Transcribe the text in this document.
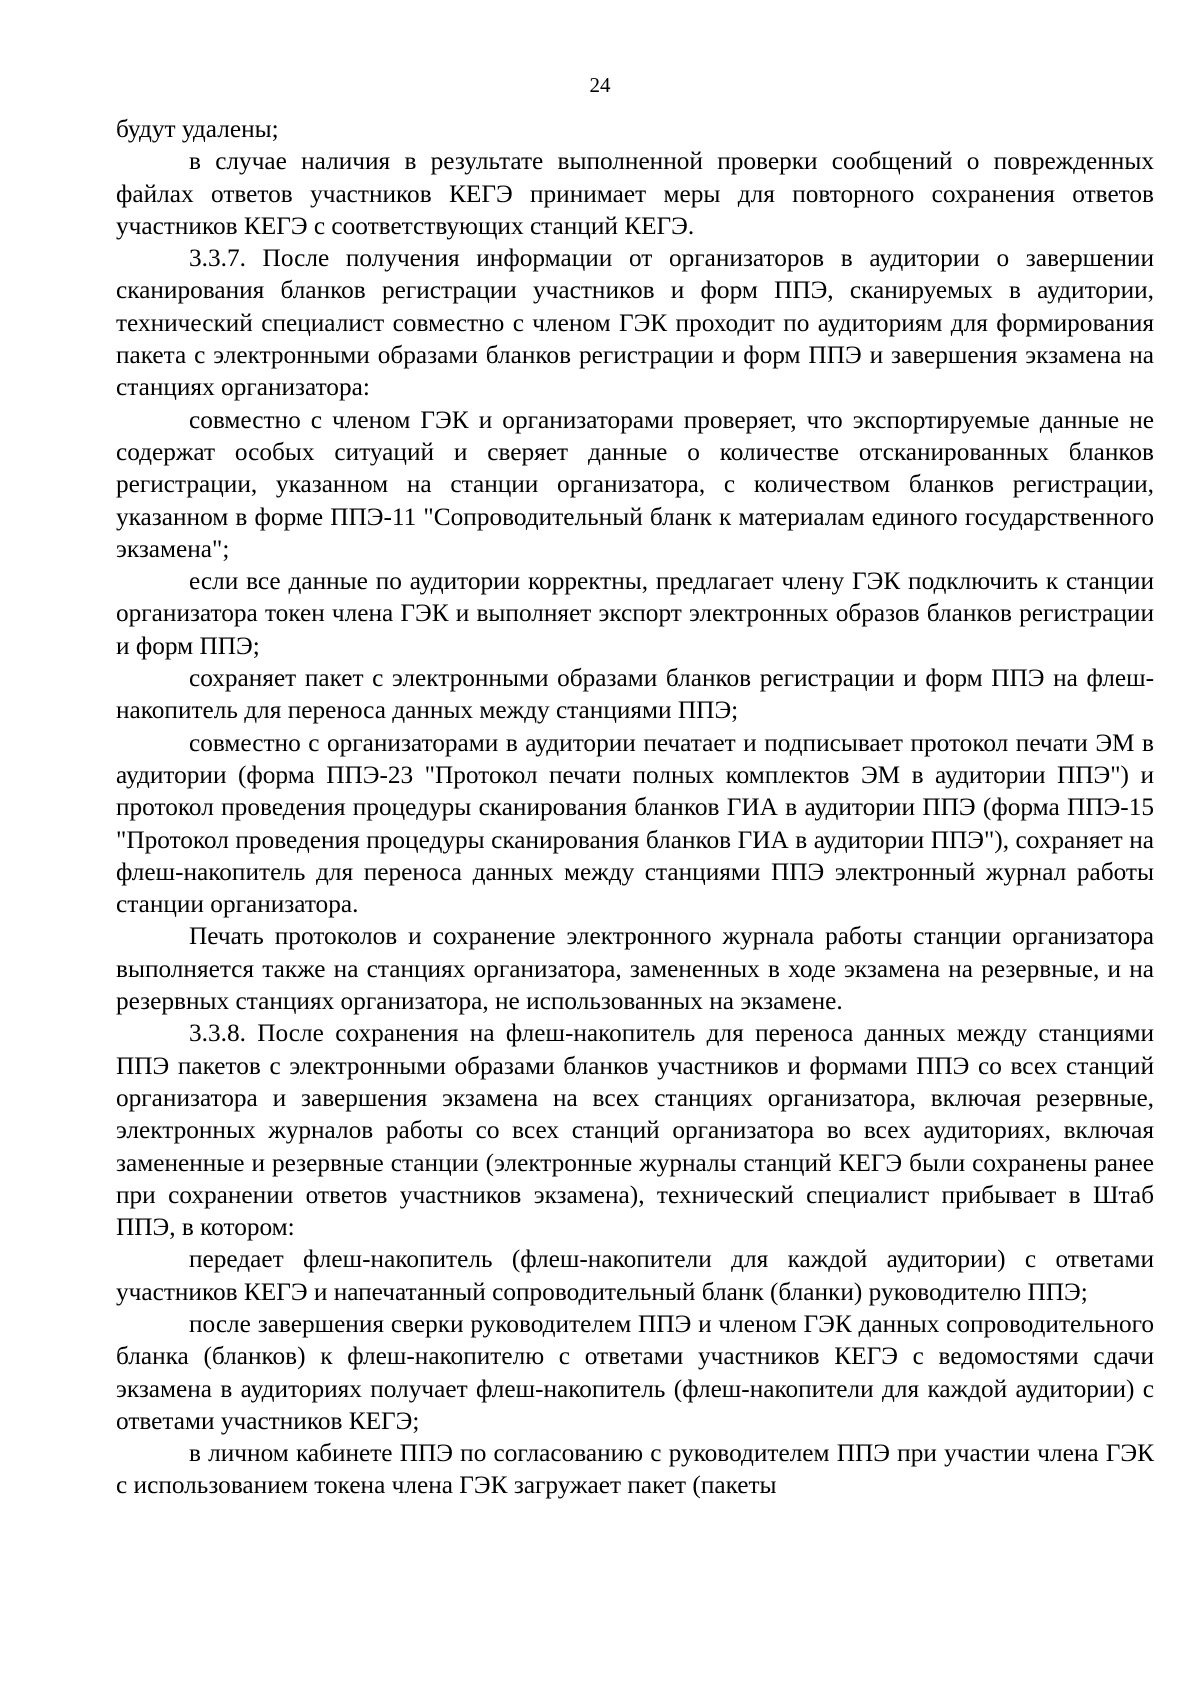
24

будут удалены;

в случае наличия в результате выполненной проверки сообщений о поврежденных файлах ответов участников КЕГЭ принимает меры для повторного сохранения ответов участников КЕГЭ с соответствующих станций КЕГЭ.

3.3.7. После получения информации от организаторов в аудитории о завершении сканирования бланков регистрации участников и форм ППЭ, сканируемых в аудитории, технический специалист совместно с членом ГЭК проходит по аудиториям для формирования пакета с электронными образами бланков регистрации и форм ППЭ и завершения экзамена на станциях организатора:

совместно с членом ГЭК и организаторами проверяет, что экспортируемые данные не содержат особых ситуаций и сверяет данные о количестве отсканированных бланков регистрации, указанном на станции организатора, с количеством бланков регистрации, указанном в форме ППЭ-11 "Сопроводительный бланк к материалам единого государственного экзамена";

если все данные по аудитории корректны, предлагает члену ГЭК подключить к станции организатора токен члена ГЭК и выполняет экспорт электронных образов бланков регистрации и форм ППЭ;

сохраняет пакет с электронными образами бланков регистрации и форм ППЭ на флеш-накопитель для переноса данных между станциями ППЭ;

совместно с организаторами в аудитории печатает и подписывает протокол печати ЭМ в аудитории (форма ППЭ-23 "Протокол печати полных комплектов ЭМ в аудитории ППЭ") и протокол проведения процедуры сканирования бланков ГИА в аудитории ППЭ (форма ППЭ-15 "Протокол проведения процедуры сканирования бланков ГИА в аудитории ППЭ"), сохраняет на флеш-накопитель для переноса данных между станциями ППЭ электронный журнал работы станции организатора.

Печать протоколов и сохранение электронного журнала работы станции организатора выполняется также на станциях организатора, замененных в ходе экзамена на резервные, и на резервных станциях организатора, не использованных на экзамене.

3.3.8. После сохранения на флеш-накопитель для переноса данных между станциями ППЭ пакетов с электронными образами бланков участников и формами ППЭ со всех станций организатора и завершения экзамена на всех станциях организатора, включая резервные, электронных журналов работы со всех станций организатора во всех аудиториях, включая замененные и резервные станции (электронные журналы станций КЕГЭ были сохранены ранее при сохранении ответов участников экзамена), технический специалист прибывает в Штаб ППЭ, в котором:

передает флеш-накопитель (флеш-накопители для каждой аудитории) с ответами участников КЕГЭ и напечатанный сопроводительный бланк (бланки) руководителю ППЭ;

после завершения сверки руководителем ППЭ и членом ГЭК данных сопроводительного бланка (бланков) к флеш-накопителю с ответами участников КЕГЭ с ведомостями сдачи экзамена в аудиториях получает флеш-накопитель (флеш-накопители для каждой аудитории) с ответами участников КЕГЭ;

в личном кабинете ППЭ по согласованию с руководителем ППЭ при участии члена ГЭК с использованием токена члена ГЭК загружает пакет (пакеты
